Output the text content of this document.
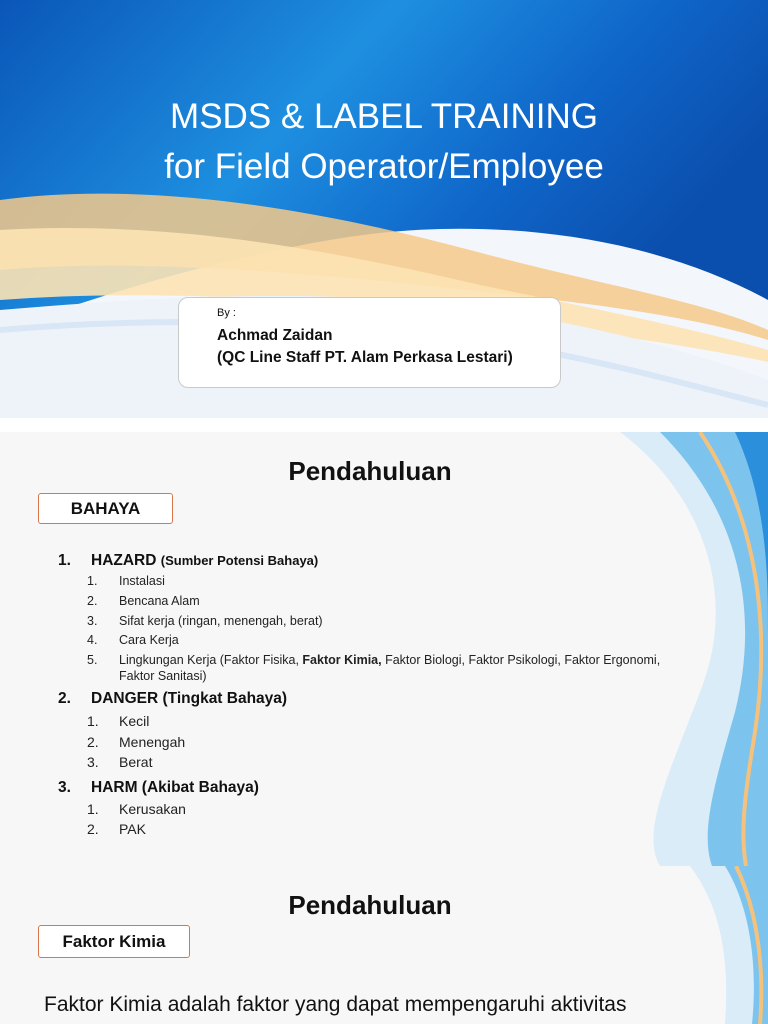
MSDS & LABEL TRAINING
for Field Operator/Employee
By :
Achmad Zaidan
(QC Line Staff PT. Alam Perkasa Lestari)
Pendahuluan
BAHAYA
1. HAZARD (Sumber Potensi Bahaya)
1. Instalasi
2. Bencana Alam
3. Sifat kerja (ringan, menengah, berat)
4. Cara Kerja
5. Lingkungan Kerja (Faktor Fisika, Faktor Kimia, Faktor Biologi, Faktor Psikologi, Faktor Ergonomi, Faktor Sanitasi)
2. DANGER (Tingkat Bahaya)
1. Kecil
2. Menengah
3. Berat
3. HARM (Akibat Bahaya)
1. Kerusakan
2. PAK
Pendahuluan
Faktor Kimia
Faktor Kimia adalah faktor yang dapat mempengaruhi aktivitas
